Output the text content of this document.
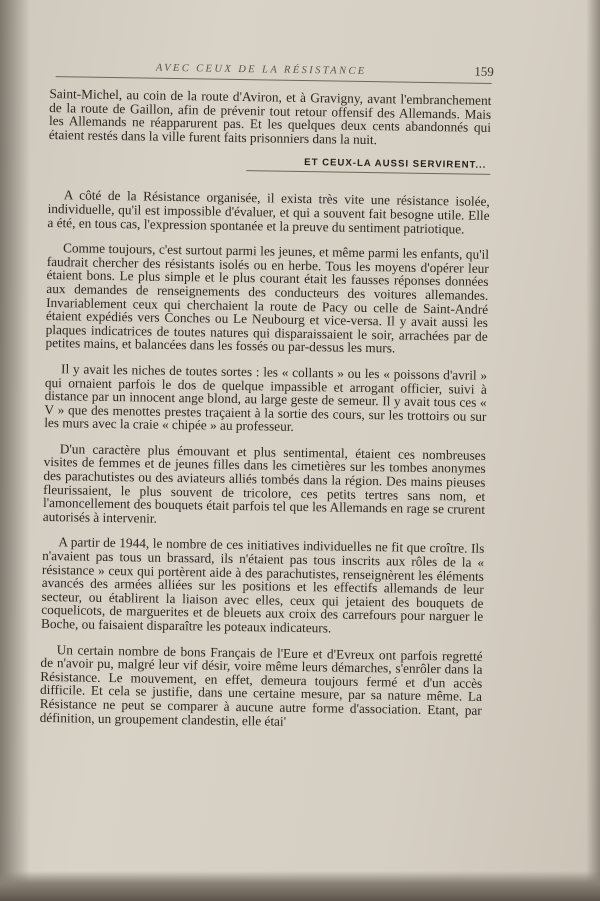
AVEC CEUX DE LA RÉSISTANCE	159

Saint-Michel, au coin de la route d'Aviron, et à Gravigny, avant l'embranchement de la route de Gaillon, afin de prévenir tout retour offensif des Allemands. Mais les Allemands ne réapparurent pas. Et les quelques deux cents abandonnés qui étaient restés dans la ville furent faits prisonniers dans la nuit.

ET CEUX-LA AUSSI SERVIRENT...

A côté de la Résistance organisée, il exista très vite une résistance isolée, individuelle, qu'il est impossible d'évaluer, et qui a souvent fait besogne utile. Elle a été, en tous cas, l'expression spontanée et la preuve du sentiment patriotique.

Comme toujours, c'est surtout parmi les jeunes, et même parmi les enfants, qu'il faudrait chercher des résistants isolés ou en herbe. Tous les moyens d'opérer leur étaient bons. Le plus simple et le plus courant était les fausses réponses données aux demandes de renseignements des conducteurs des voitures allemandes. Invariablement ceux qui cherchaient la route de Pacy ou celle de Saint-André étaient expédiés vers Conches ou Le Neubourg et vice-versa. Il y avait aussi les plaques indicatrices de toutes natures qui disparaissaient le soir, arrachées par de petites mains, et balancées dans les fossés ou par-dessus les murs.

Il y avait les niches de toutes sortes : les « collants » ou les « poissons d'avril » qui ornaient parfois le dos de quelque impassible et arrogant officier, suivi à distance par un innocent ange blond, au large geste de semeur. Il y avait tous ces « V » que des menottes prestes traçaient à la sortie des cours, sur les trottoirs ou sur les murs avec la craie « chipée » au professeur.

D'un caractère plus émouvant et plus sentimental, étaient ces nombreuses visites de femmes et de jeunes filles dans les cimetières sur les tombes anonymes des parachutistes ou des aviateurs alliés tombés dans la région. Des mains pieuses fleurissaient, le plus souvent de tricolore, ces petits tertres sans nom, et l'amoncellement des bouquets était parfois tel que les Allemands en rage se crurent autorisés à intervenir.

A partir de 1944, le nombre de ces initiatives individuelles ne fit que croître. Ils n'avaient pas tous un brassard, ils n'étaient pas tous inscrits aux rôles de la « résistance » ceux qui portèrent aide à des parachutistes, renseignèrent les éléments avancés des armées alliées sur les positions et les effectifs allemands de leur secteur, ou établirent la liaison avec elles, ceux qui jetaient des bouquets de coquelicots, de marguerites et de bleuets aux croix des carrefours pour narguer le Boche, ou faisaient disparaître les poteaux indicateurs.

Un certain nombre de bons Français de l'Eure et d'Evreux ont parfois regretté de n'avoir pu, malgré leur vif désir, voire même leurs démarches, s'enrôler dans la Résistance. Le mouvement, en effet, demeura toujours fermé et d'un accès difficile. Et cela se justifie, dans une certaine mesure, par sa nature même. La Résistance ne peut se comparer à aucune autre forme d'association. Etant, par définition, un groupement clandestin, elle étai'
